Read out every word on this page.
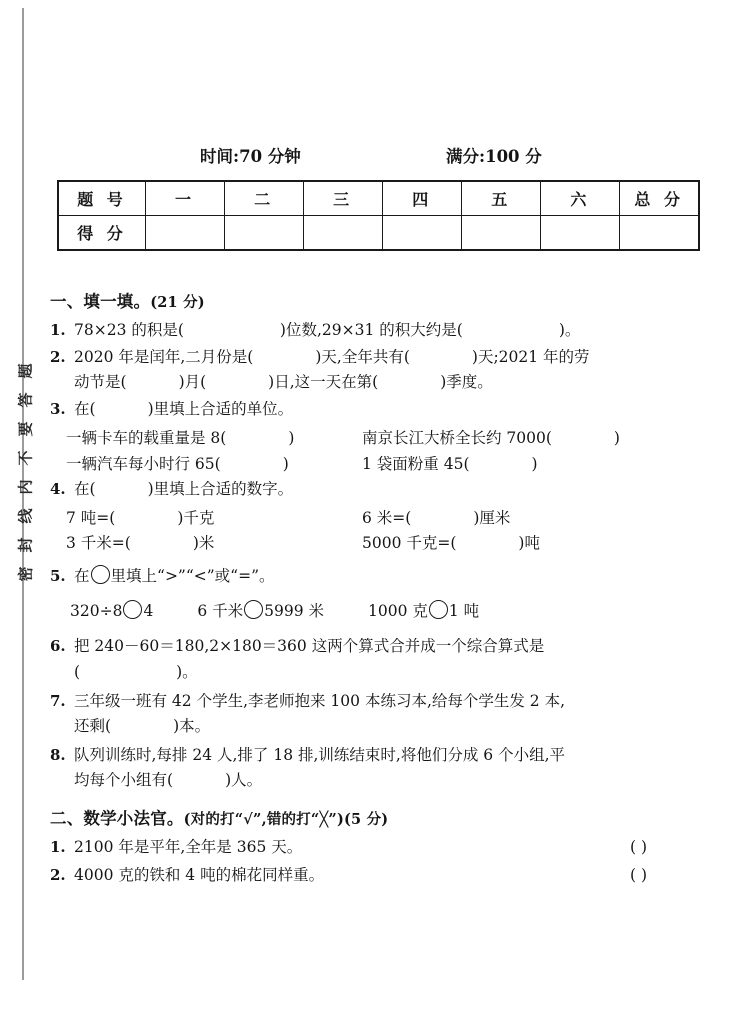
密封线内不要答题
时间:70 分钟	满分:100 分
题 号	一	二	三	四	五	六	总 分
得 分							
一、填一填。(21 分)
1. 78×23 的积是(	)位数,29×31 的积大约是(	)。
2. 2020 年是闰年,二月份是(	)天,全年共有(	)天;2021 年的劳
动节是(	)月(	)日,这一天在第(	)季度。
3. 在(	)里填上合适的单位。
一辆卡车的载重量是 8(	)	南京长江大桥全长约 7000(	)
一辆汽车每小时行 65(	)	1 袋面粉重 45(	)
4. 在(	)里填上合适的数字。
7 吨=(	)千克	6 米=(	)厘米
3 千米=(	)米	5000 千克=(	)吨
5. 在 里填上“>”“<”或“=”。
320÷8 4	6 千米 5999 米	1000 克 1 吨
6. 把 240－60＝180,2×180＝360 这两个算式合并成一个综合算式是
(	)。
7. 三年级一班有 42 个学生,李老师抱来 100 本练习本,给每个学生发 2 本,
还剩(	)本。
8. 队列训练时,每排 24 人,排了 18 排,训练结束时,将他们分成 6 个小组,平
均每个小组有(	)人。
二、数学小法官。(对的打“√”,错的打“╳”)(5 分)
1. 2100 年是平年,全年是 365 天。	( )
2. 4000 克的铁和 4 吨的棉花同样重。	( )
